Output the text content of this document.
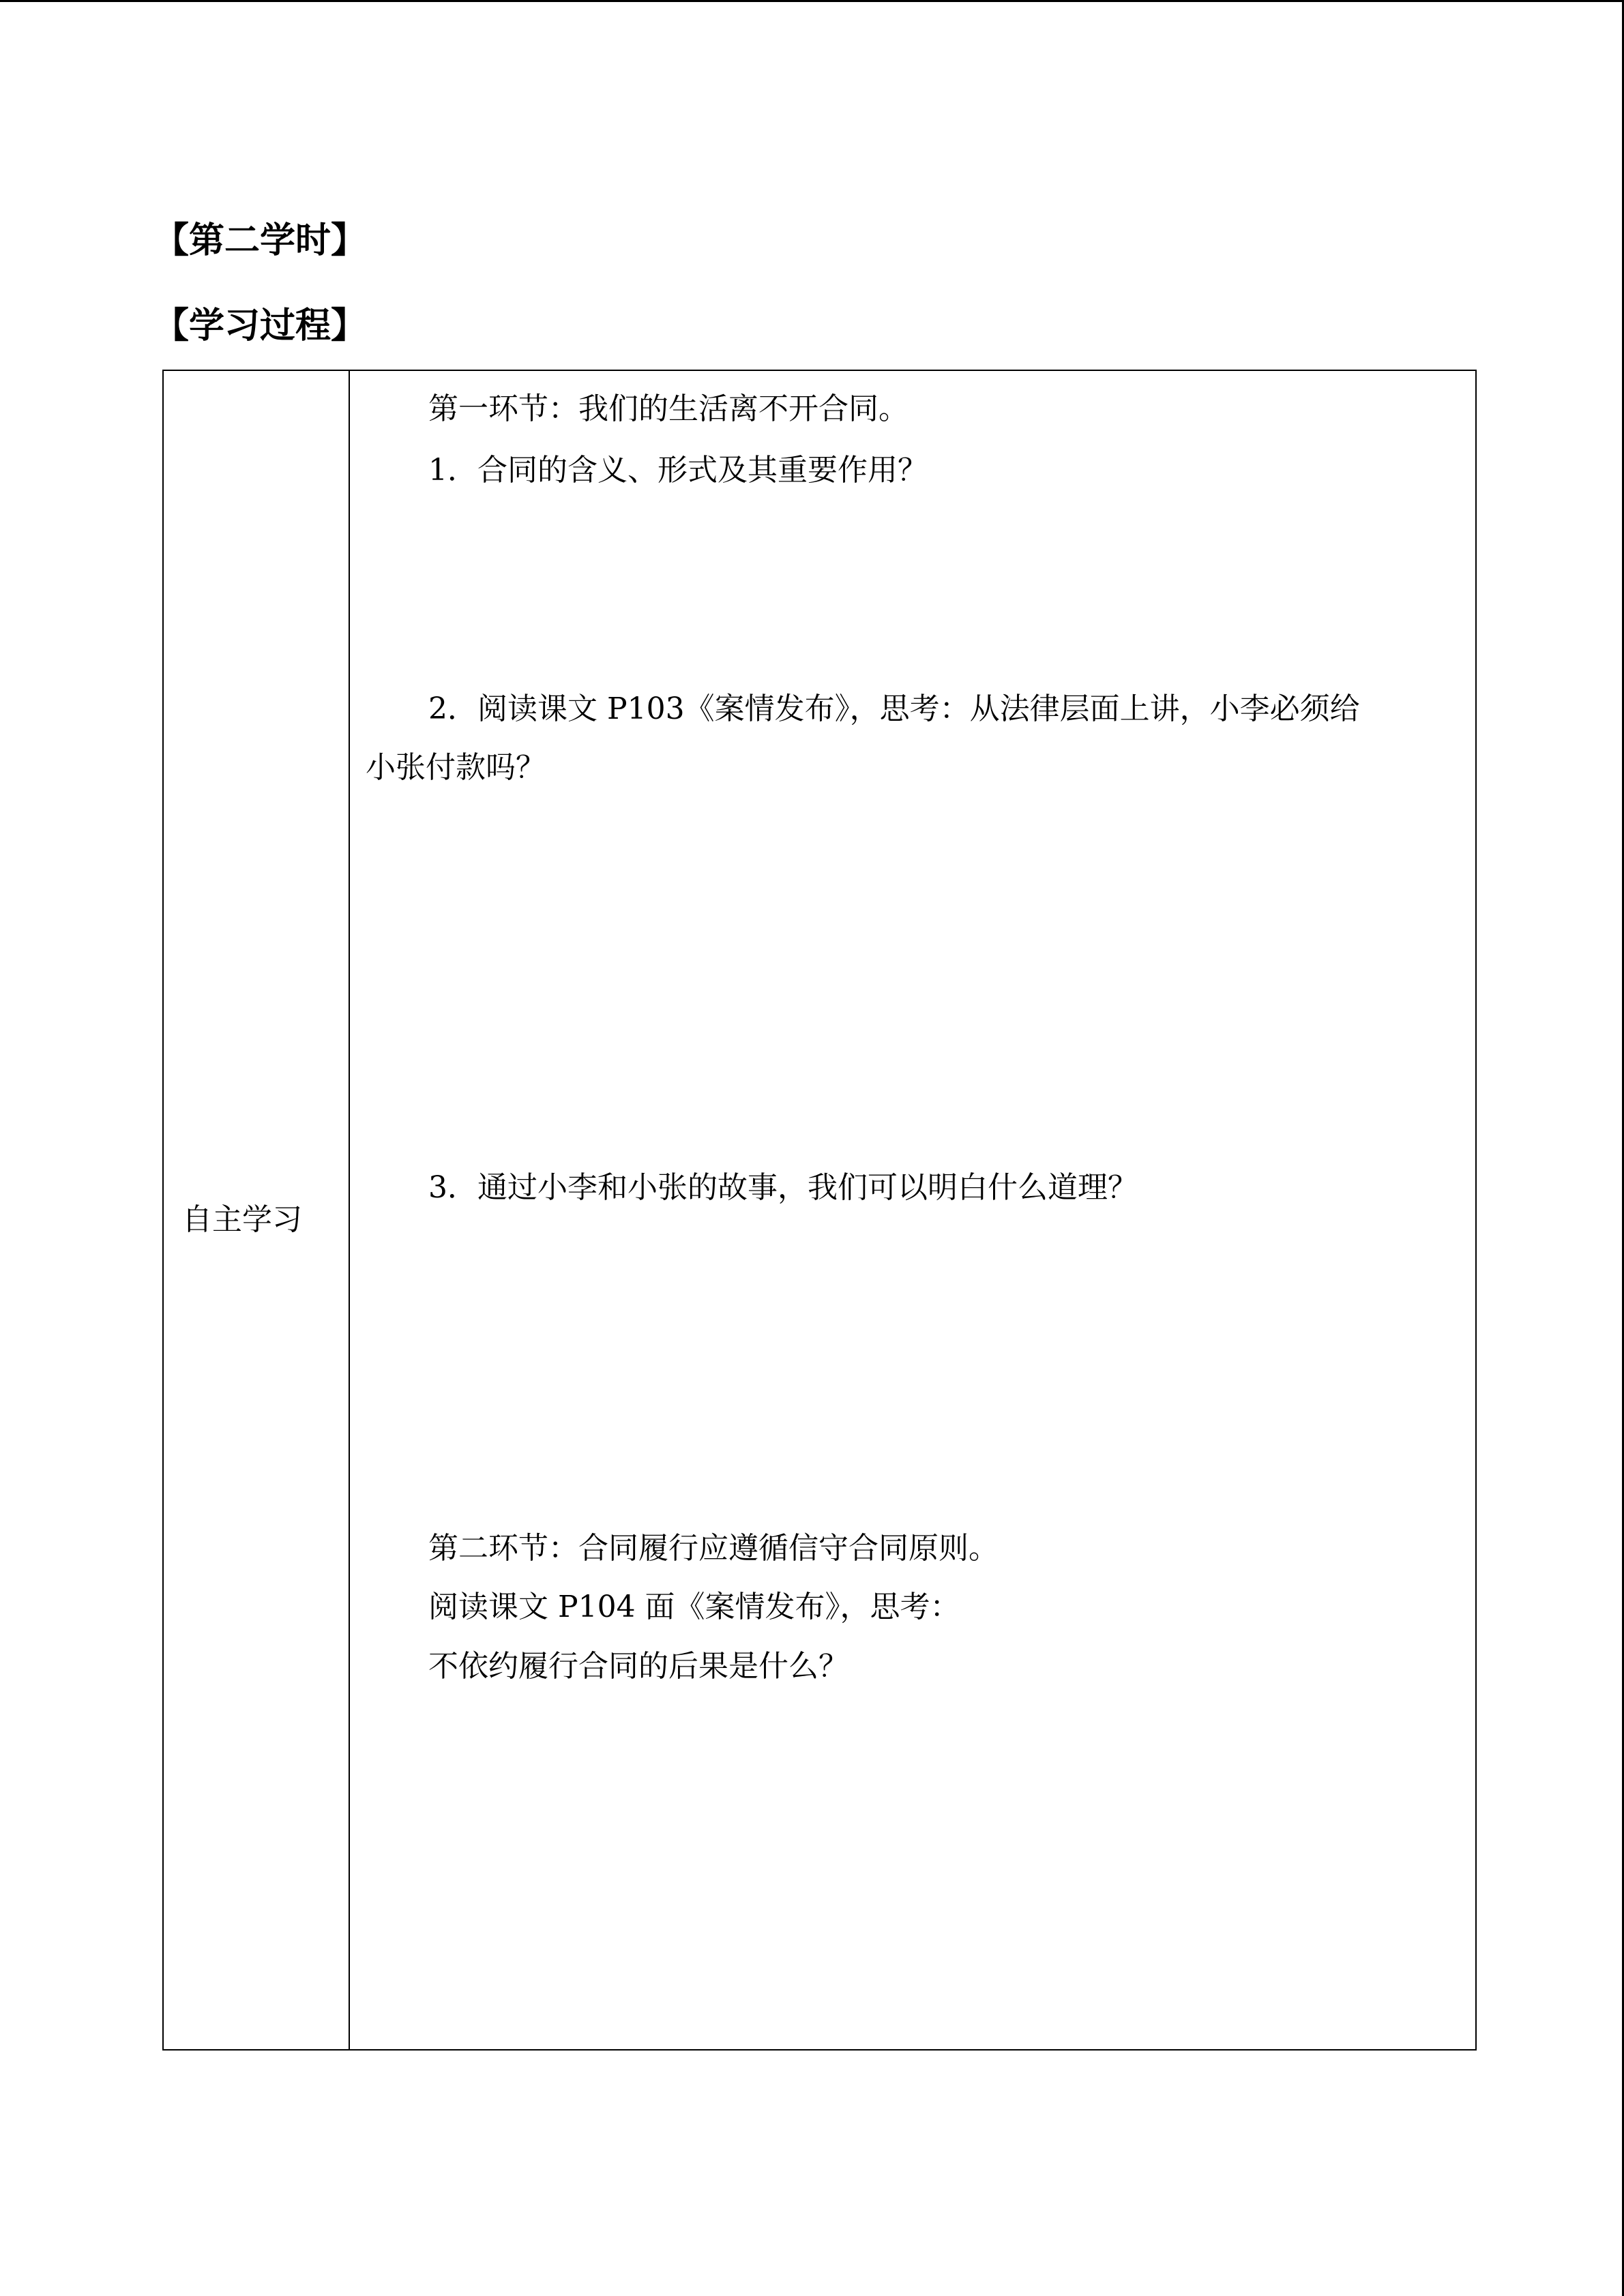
【第二学时】
【学习过程】
自主学习
第一环节：我们的生活离不开合同。
1．合同的含义、形式及其重要作用？
2．阅读课文 P103《案情发布》，思考：从法律层面上讲，小李必须给
小张付款吗？
3．通过小李和小张的故事，我们可以明白什么道理？
第二环节：合同履行应遵循信守合同原则。
阅读课文 P104 面《案情发布》，思考：
不依约履行合同的后果是什么？
